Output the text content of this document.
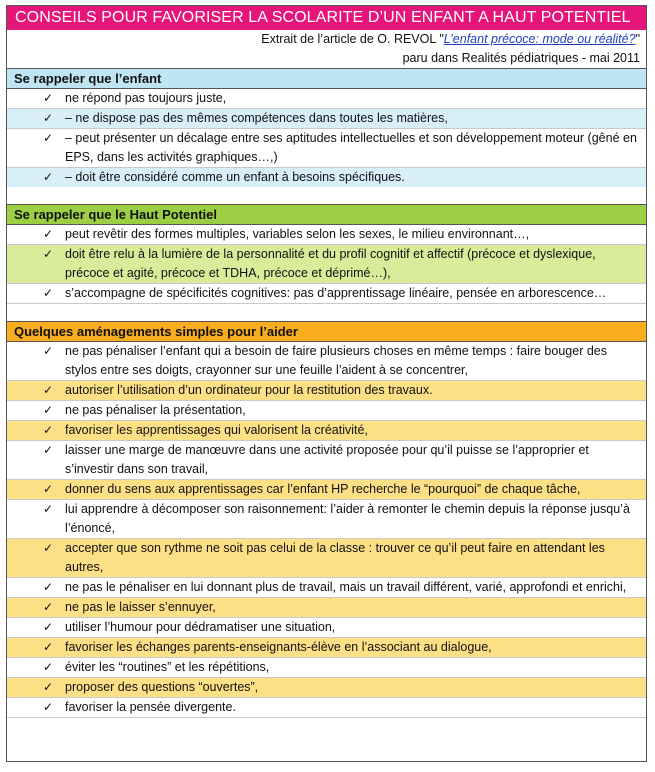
CONSEILS POUR FAVORISER LA SCOLARITE D’UN ENFANT A HAUT POTENTIEL
Extrait de l’article de O. REVOL "L’enfant précoce: mode ou réalité?"
paru dans Realités pédiatriques - mai 2011
Se rappeler que l’enfant
✓ ne répond pas toujours juste,
✓ – ne dispose pas des mêmes compétences dans toutes les matières,
✓ – peut présenter un décalage entre ses aptitudes intellectuelles et son développement moteur (gêné en EPS, dans les activités graphiques…,)
✓ – doit être considéré comme un enfant à besoins spécifiques.
Se rappeler que le Haut Potentiel
✓ peut revêtir des formes multiples, variables selon les sexes, le milieu environnant…,
✓ doit être relu à la lumière de la personnalité et du profil cognitif et affectif (précoce et dyslexique, précoce et agité, précoce et TDHA, précoce et déprimé…),
✓ s’accompagne de spécificités cognitives: pas d’apprentissage linéaire, pensée en arborescence…
Quelques aménagements simples pour l’aider
✓ ne pas pénaliser l’enfant qui a besoin de faire plusieurs choses en même temps : faire bouger des stylos entre ses doigts, crayonner sur une feuille l’aident à se concentrer,
✓ autoriser l’utilisation d’un ordinateur pour la restitution des travaux.
✓ ne pas pénaliser la présentation,
✓ favoriser les apprentissages qui valorisent la créativité,
✓ laisser une marge de manœuvre dans une activité proposée pour qu’il puisse se l’approprier et s’investir dans son travail,
✓ donner du sens aux apprentissages car l’enfant HP recherche le “pourquoi” de chaque tâche,
✓ lui apprendre à décomposer son raisonnement: l’aider à remonter le chemin depuis la réponse jusqu’à l’énoncé,
✓ accepter que son rythme ne soit pas celui de la classe : trouver ce qu’il peut faire en attendant les autres,
✓ ne pas le pénaliser en lui donnant plus de travail, mais un travail différent, varié, approfondi et enrichi,
✓ ne pas le laisser s’ennuyer,
✓ utiliser l’humour pour dédramatiser une situation,
✓ favoriser les échanges parents-enseignants-élève en l’associant au dialogue,
✓ éviter les “routines” et les répétitions,
✓ proposer des questions “ouvertes”,
✓ favoriser la pensée divergente.
